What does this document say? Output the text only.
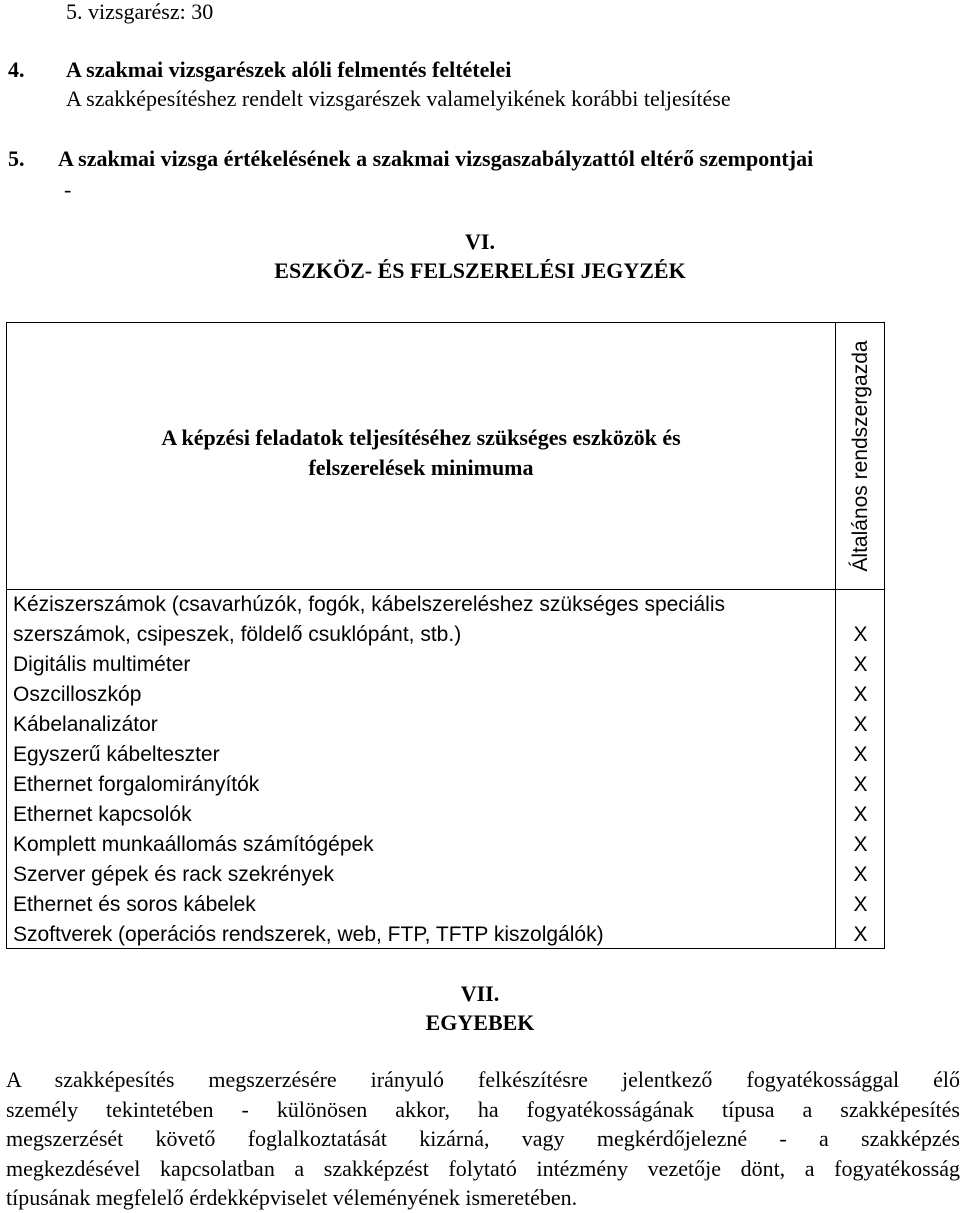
5. vizsgarész: 30
4. A szakmai vizsgarészek alóli felmentés feltételei
A szakképesítéshez rendelt vizsgarészek valamelyikének korábbi teljesítése
5. A szakmai vizsga értékelésének a szakmai vizsgaszabályzattól eltérő szempontjai
-
VI.
ESZKÖZ- ÉS FELSZERELÉSI JEGYZÉK
A képzési feladatok teljesítéséhez szükséges eszközök és felszerelések minimuma	Általános rendszergazda
Kéziszerszámok (csavarhúzók, fogók, kábelszereléshez szükséges speciális szerszámok, csipeszek, földelő csuklópánt, stb.)	X
Digitális multiméter	X
Oszcilloszkóp	X
Kábelanalizátor	X
Egyszerű kábelteszter	X
Ethernet forgalomirányítók	X
Ethernet kapcsolók	X
Komplett munkaállomás számítógépek	X
Szerver gépek és rack szekrények	X
Ethernet és soros kábelek	X
Szoftverek (operációs rendszerek, web, FTP, TFTP kiszolgálók)	X
VII.
EGYEBEK
A szakképesítés megszerzésére irányuló felkészítésre jelentkező fogyatékossággal élő
személy tekintetében - különösen akkor, ha fogyatékosságának típusa a szakképesítés
megszerzését követő foglalkoztatását kizárná, vagy megkérdőjelezné - a szakképzés
megkezdésével kapcsolatban a szakképzést folytató intézmény vezetője dönt, a fogyatékosság
típusának megfelelő érdekképviselet véleményének ismeretében.
